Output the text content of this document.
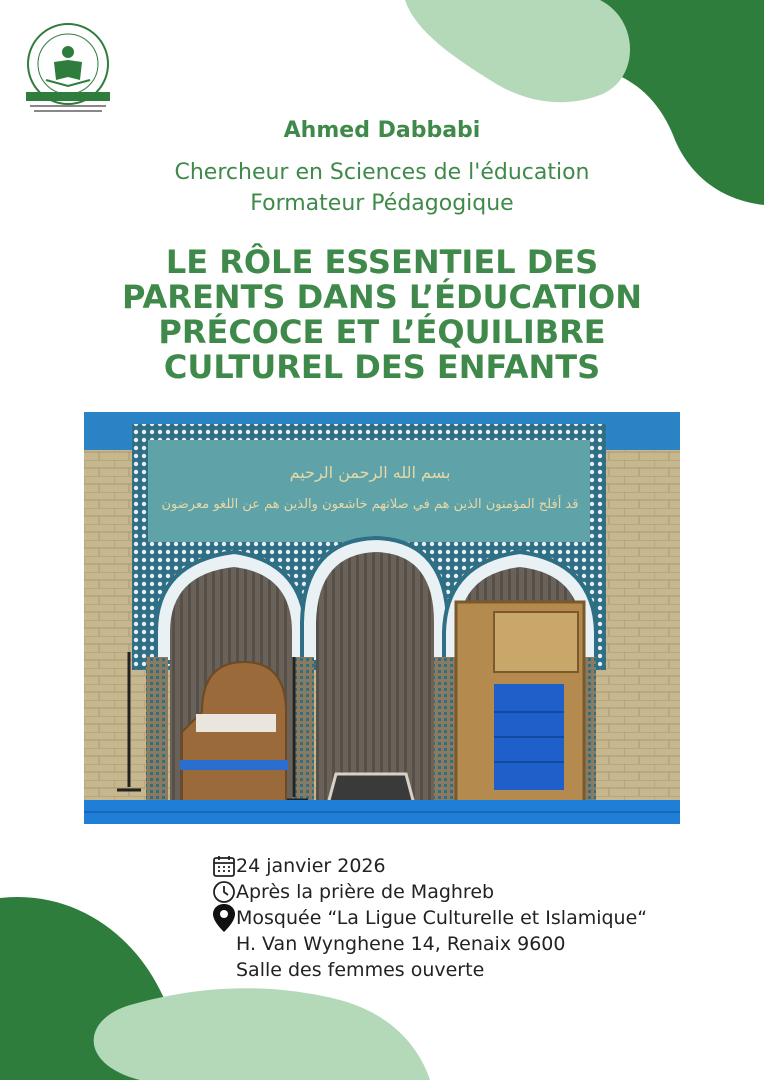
Ahmed Dabbabi
Chercheur en Sciences de l'éducation
Formateur Pédagogique
LE RÔLE ESSENTIEL DES
PARENTS DANS L’ÉDUCATION
PRÉCOCE ET L’ÉQUILIBRE
CULTUREL DES ENFANTS
بسم الله الرحمن الرحيم
قد أفلح المؤمنون الذين هم في صلاتهم خاشعون والذين هم عن اللغو معرضون
24 janvier 2026
Après la prière de Maghreb
Mosquée “La Ligue Culturelle et Islamique“
H. Van Wynghene 14, Renaix 9600
Salle des femmes ouverte
